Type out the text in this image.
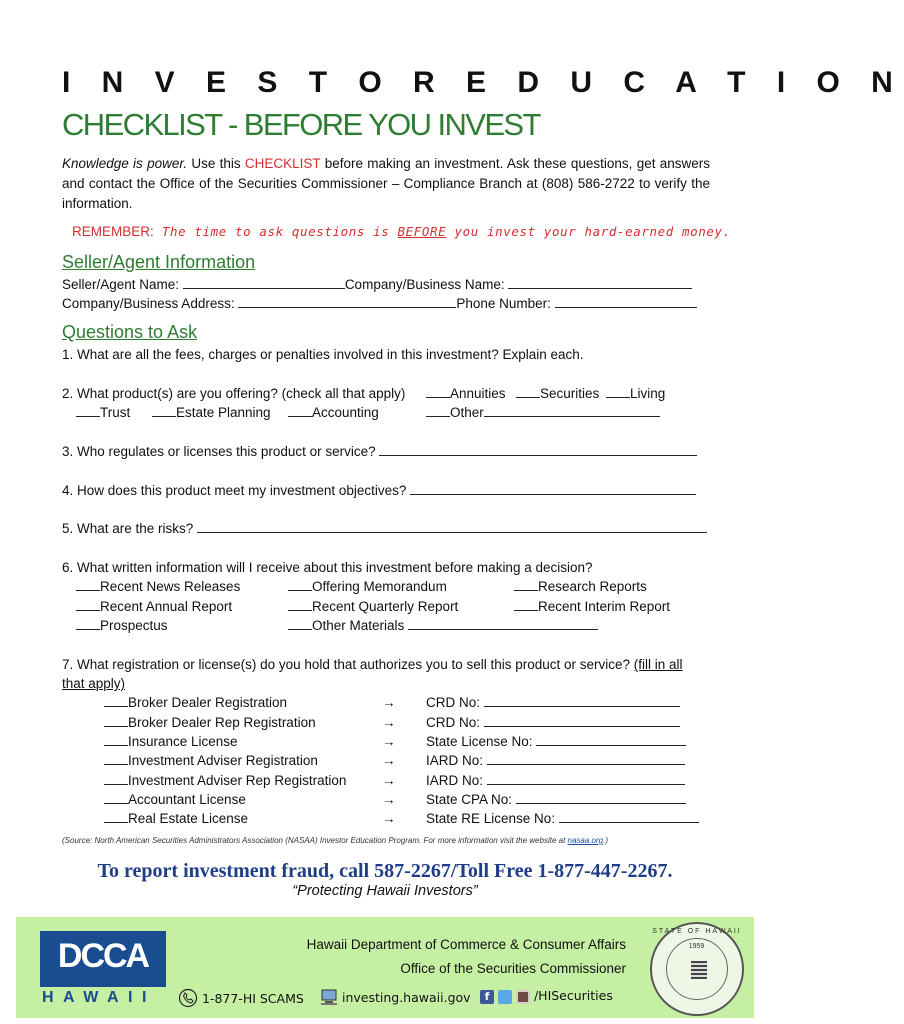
I N V E S T O R E D U C A T I O N
CHECKLIST - BEFORE YOU INVEST
Knowledge is power. Use this CHECKLIST before making an investment. Ask these questions, get answers and contact the Office of the Securities Commissioner – Compliance Branch at (808) 586-2722 to verify the information.
REMEMBER: The time to ask questions is BEFORE you invest your hard-earned money.
Seller/Agent Information
Seller/Agent Name:	Company/Business Name:
Company/Business Address:	Phone Number:
Questions to Ask
1. What are all the fees, charges or penalties involved in this investment? Explain each.
2. What product(s) are you offering? (check all that apply)	Annuities	Securities	Living
Trust	Estate Planning	Accounting	Other
3. Who regulates or licenses this product or service?
4. How does this product meet my investment objectives?
5. What are the risks?
6. What written information will I receive about this investment before making a decision?
Recent News Releases	Offering Memorandum	Research Reports
Recent Annual Report	Recent Quarterly Report	Recent Interim Report
Prospectus	Other Materials
7. What registration or license(s) do you hold that authorizes you to sell this product or service? (fill in all
that apply)
Broker Dealer Registration	→ CRD No:
Broker Dealer Rep Registration	→ CRD No:
Insurance License	→ State License No:
Investment Adviser Registration	→ IARD No:
Investment Adviser Rep Registration	→ IARD No:
Accountant License	→ State CPA No:
Real Estate License	→ State RE License No:
(Source: North American Securities Administrators Association (NASAA) Investor Education Program. For more information visit the website at nasaa.org.)
To report investment fraud, call 587-2267/Toll Free 1-877-447-2267.
“Protecting Hawaii Investors”
DCCA
HAWAII
Hawaii Department of Commerce & Consumer Affairs
Office of the Securities Commissioner
1-877-HI SCAMS	investing.hawaii.gov	f	/HISecurities
STATE OF HAWAII
1959
